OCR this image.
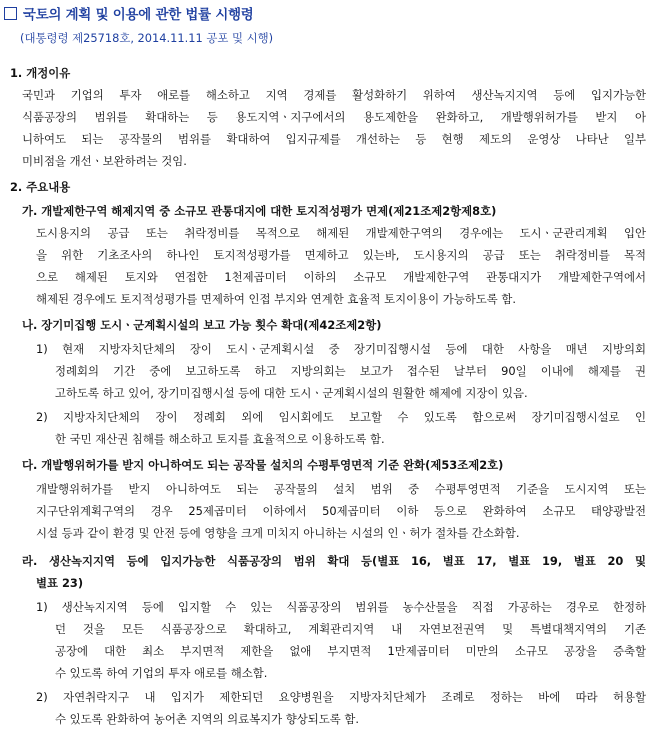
국토의 계획 및 이용에 관한 법률 시행령
(대통령령 제25718호, 2014.11.11 공포 및 시행)
1. 개정이유
국민과 기업의 투자 애로를 해소하고 지역 경제를 활성화하기 위하여 생산녹지지역 등에 입지가능한
식품공장의 범위를 확대하는 등 용도지역ㆍ지구에서의 용도제한을 완화하고, 개발행위허가를 받지 아
니하여도 되는 공작물의 범위를 확대하여 입지규제를 개선하는 등 현행 제도의 운영상 나타난 일부
미비점을 개선ㆍ보완하려는 것임.
2. 주요내용
가. 개발제한구역 해제지역 중 소규모 관통대지에 대한 토지적성평가 면제(제21조제2항제8호)
도시용지의 공급 또는 취락정비를 목적으로 해제된 개발제한구역의 경우에는 도시ㆍ군관리계획 입안
을 위한 기초조사의 하나인 토지적성평가를 면제하고 있는바, 도시용지의 공급 또는 취락정비를 목적
으로 해제된 토지와 연접한 1천제곱미터 이하의 소규모 개발제한구역 관통대지가 개발제한구역에서
해제된 경우에도 토지적성평가를 면제하여 인접 부지와 연계한 효율적 토지이용이 가능하도록 함.
나. 장기미집행 도시ㆍ군계획시설의 보고 가능 횟수 확대(제42조제2항)
1) 현재 지방자치단체의 장이 도시ㆍ군계획시설 중 장기미집행시설 등에 대한 사항을 매년 지방의회
정례회의 기간 중에 보고하도록 하고 지방의회는 보고가 접수된 날부터 90일 이내에 해제를 권
고하도록 하고 있어, 장기미집행시설 등에 대한 도시ㆍ군계획시설의 원활한 해제에 지장이 있음.
2) 지방자치단체의 장이 정례회 외에 임시회에도 보고할 수 있도록 함으로써 장기미집행시설로 인
한 국민 재산권 침해를 해소하고 토지를 효율적으로 이용하도록 함.
다. 개발행위허가를 받지 아니하여도 되는 공작물 설치의 수평투영면적 기준 완화(제53조제2호)
개발행위허가를 받지 아니하여도 되는 공작물의 설치 범위 중 수평투영면적 기준을 도시지역 또는
지구단위계획구역의 경우 25제곱미터 이하에서 50제곱미터 이하 등으로 완화하여 소규모 태양광발전
시설 등과 같이 환경 및 안전 등에 영향을 크게 미치지 아니하는 시설의 인ㆍ허가 절차를 간소화함.
라. 생산녹지지역 등에 입지가능한 식품공장의 범위 확대 등(별표 16, 별표 17, 별표 19, 별표 20 및
별표 23)
1) 생산녹지지역 등에 입지할 수 있는 식품공장의 범위를 농수산물을 직접 가공하는 경우로 한정하
던 것을 모든 식품공장으로 확대하고, 계획관리지역 내 자연보전권역 및 특별대책지역의 기존
공장에 대한 최소 부지면적 제한을 없애 부지면적 1만제곱미터 미만의 소규모 공장을 증축할
수 있도록 하여 기업의 투자 애로를 해소함.
2) 자연취락지구 내 입지가 제한되던 요양병원을 지방자치단체가 조례로 정하는 바에 따라 허용할
수 있도록 완화하여 농어촌 지역의 의료복지가 향상되도록 함.
